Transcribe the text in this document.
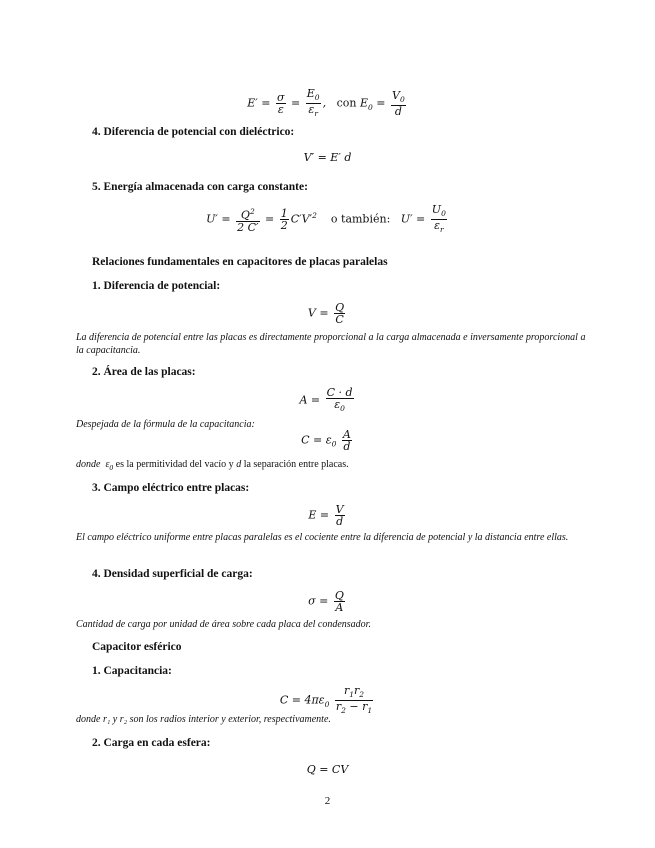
$E' = \frac{\sigma}{\varepsilon} = \frac{E_0}{\varepsilon_r}$ ,   con $E_0 = \frac{V_0}{d}$
4. Diferencia de potencial con dieléctrico:
V′ = E′ d
5. Energía almacenada con carga constante:
$U' = \frac{Q^2}{2 C'} = \frac{1}{2} C'V'^2$ o también: $U' = \frac{U_0}{\varepsilon_r}$
Relaciones fundamentales en capacitores de placas paralelas
1. Diferencia de potencial:
$V = \frac{Q}{C}$
La diferencia de potencial entre las placas es directamente proporcional a la carga almacenada e inversamente proporcional a la capacitancia.
2. Área de las placas:
$A = \frac{C \cdot d}{\varepsilon_0}$
Despejada de la fórmula de la capacitancia:
$C = \varepsilon_0 \frac{A}{d}$
donde $\varepsilon_0$ es la permitividad del vacío y d la separación entre placas.
3. Campo eléctrico entre placas:
$E = \frac{V}{d}$
El campo eléctrico uniforme entre placas paralelas es el cociente entre la diferencia de potencial y la distancia entre ellas.
4. Densidad superficial de carga:
$\sigma = \frac{Q}{A}$
Cantidad de carga por unidad de área sobre cada placa del condensador.
Capacitor esférico
1. Capacitancia:
$C = 4\pi\varepsilon_0 \frac{r_1r_2}{r_2 - r_1}$
donde r₁ y r₂ son los radios interior y exterior, respectivamente.
2. Carga en cada esfera:
Q = CV
2
